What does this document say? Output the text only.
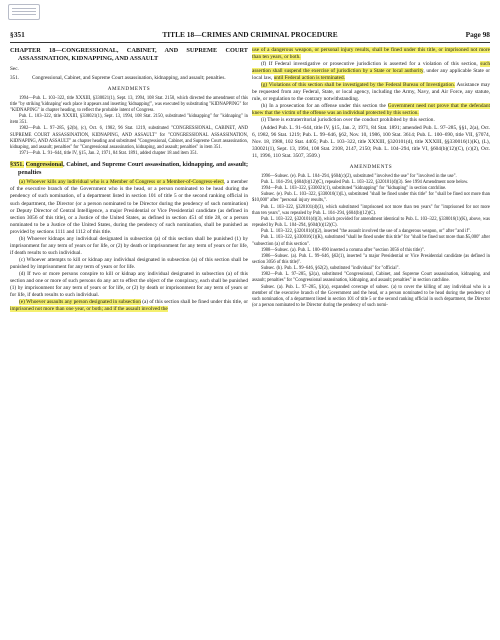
§351	TITLE 18—CRIMES AND CRIMINAL PROCEDURE	Page 98

CHAPTER 18—CONGRESSIONAL, CABINET, AND SUPREME COURT ASSASSINATION, KIDNAPPING, AND ASSAULT

Sec.
351.	Congressional, Cabinet, and Supreme Court assassination, kidnapping, and assault; penalties.

AMENDMENTS

1994—Pub. L. 103–322, title XXXIII, §330021(1), Sept. 13, 1994, 108 Stat. 2150, which directed the amendment of this title "by striking 'kidnaping' each place it appears and inserting 'kidnapping'", was executed by substituting "KIDNAPPING" for "KIDNAPING" in chapter heading, to reflect the probable intent of Congress.

Pub. L. 103–322, title XXXIII, §330021(1), Sept. 13, 1994, 108 Stat. 2150, substituted "kidnapping" for "kidnaping" in item 351.

1982—Pub. L. 97–285, §2(b), (c), Oct. 6, 1982, 96 Stat. 1219, substituted "CONGRESSIONAL, CABINET, AND SUPREME COURT ASSASSINATION, KIDNAPING, AND ASSAULT" for "CONGRESSIONAL ASSASSINATION, KIDNAPING, AND ASSAULT" as chapter heading and substituted "Congressional, Cabinet, and Supreme Court assassination, kidnaping, and assault; penalties" for "Congressional assassination, kidnaping, and assault; penalties" in item 351.

1971—Pub. L. 91–644, title IV, §15, Jan. 2, 1971, 84 Stat. 1891, added chapter 18 and item 351.

§351. Congressional, Cabinet, and Supreme Court assassination, kidnapping, and assault; penalties

(a) Whoever kills any individual who is a Member of Congress or a Member-of-Congress-elect, a member of the executive branch of the Government who is the head, or a person nominated to be head during the pendency of such nomination, of a department listed in section 101 of title 5 or the second ranking official in such department, the Director (or a person nominated to be Director during the pendency of such nomination) or Deputy Director of Central Intelligence, a major Presidential or Vice Presidential candidate (as defined in section 3056 of this title), or a Justice of the United States, as defined in section 451 of title 28, or a person nominated to be a Justice of the United States, during the pendency of such nomination, shall be punished as provided by sections 1111 and 1112 of this title.

(b) Whoever kidnaps any individual designated in subsection (a) of this section shall be punished (1) by imprisonment for any term of years or for life, or (2) by death or imprisonment for any term of years or for life, if death results to such individual.

(c) Whoever attempts to kill or kidnap any individual designated in subsection (a) of this section shall be punished by imprisonment for any term of years or for life.

(d) If two or more persons conspire to kill or kidnap any individual designated in subsection (a) of this section and one or more of such persons do any act to effect the object of the conspiracy, each shall be punished (1) by imprisonment for any term of years or for life, or (2) by death or imprisonment for any term of years or for life, if death results to such individual.

(e) Whoever assaults any person designated in subsection (a) of this section shall be fined under this title, or imprisoned not more than one year, or both; and if the assault involved the

use of a dangerous weapon, or personal injury results, shall be fined under this title, or imprisoned not more than ten years, or both.

(f) If Federal investigative or prosecutive jurisdiction is asserted for a violation of this section, such assertion shall suspend the exercise of jurisdiction by a State or local authority, under any applicable State or local law, until Federal action is terminated.

(g) Violations of this section shall be investigated by the Federal Bureau of Investigation. Assistance may be requested from any Federal, State, or local agency, including the Army, Navy, and Air Force, any statute, rule, or regulation to the contrary notwithstanding.

(h) In a prosecution for an offense under this section the Government need not prove that the defendant knew that the victim of the offense was an individual protected by this section.

(i) There is extraterritorial jurisdiction over the conduct prohibited by this section.

(Added Pub. L. 91–644, title IV, §15, Jan. 2, 1971, 84 Stat. 1891; amended Pub. L. 97–285, §§1, 2(a), Oct. 6, 1982, 96 Stat. 1219; Pub. L. 99–646, §62, Nov. 10, 1986, 100 Stat. 3614; Pub. L. 100–690, title VII, §7074, Nov. 18, 1988, 102 Stat. 4405; Pub. L. 103–322, title XXXIII, §320101(d), title XXXIII, §§330016(1)(K), (L), 330021(1), Sept. 13, 1994, 108 Stat. 2108, 2147, 2150; Pub. L. 104–294, title VI, §604(b)(12)(C), (c)(2), Oct. 11, 1996, 110 Stat. 3507, 3509.)

AMENDMENTS

1996—Subsec. (e). Pub. L. 104–294, §604(c)(2), substituted "involved the use" for "involved in the use".

Pub. L. 104–294, §604(b)(12)(C), repealed Pub. L. 103–322, §320101(d)(3). See 1994 Amendment note below.

1994—Pub. L. 103–322, §330021(1), substituted "kidnapping" for "kidnaping" in section catchline.

Subsec. (e). Pub. L. 103–322, §330016(1)(L), substituted "shall be fined under this title" for "shall be fined not more than $10,000" after "personal injury results,".

Pub. L. 103–322, §320101(d)(3), which substituted "imprisoned not more than ten years" for "imprisoned for not more than ten years", was repealed by Pub. L. 104–294, §604(b)(12)(C).

Pub. L. 103–322, §320101(d)(3), which provided for amendment identical to Pub. L. 103–322, §330016(1)(K), above, was repealed by Pub. L. 104–294, §604(b)(12)(C).

Pub. L. 103–322, §320101(d)(2), inserted "the assault involved the use of a dangerous weapon, or" after "and if".

Pub. L. 103–322, §330016(1)(K), substituted "shall be fined under this title" for "shall be fined not more than $5,000" after "subsection (a) of this section".

1988—Subsec. (a). Pub. L. 100–690 inserted a comma after "section 3056 of this title)".

1986—Subsec. (a). Pub. L. 99–646, §62(1), inserted "a major Presidential or Vice Presidential candidate (as defined in section 3056 of this title)".

Subsec. (h). Pub. L. 99–646, §62(2), substituted "individual" for "official".

1982—Pub. L. 97–285, §2(a), substituted "Congressional, Cabinet, and Supreme Court assassination, kidnaping, and assault; penalties" for "Congressional assassination, kidnaping, and assault; penalties" in section catchline.

Subsec. (a). Pub. L. 97–285, §1(a), expanded coverage of subsec. (a) to cover the killing of any individual who is a member of the executive branch of the Government and the head, or a person nominated to be head during the pendency of such nomination, of a department listed in section 101 of title 5 or the second ranking official in such department, the Director (or a person nominated to be Director during the pendency of such nomi-
